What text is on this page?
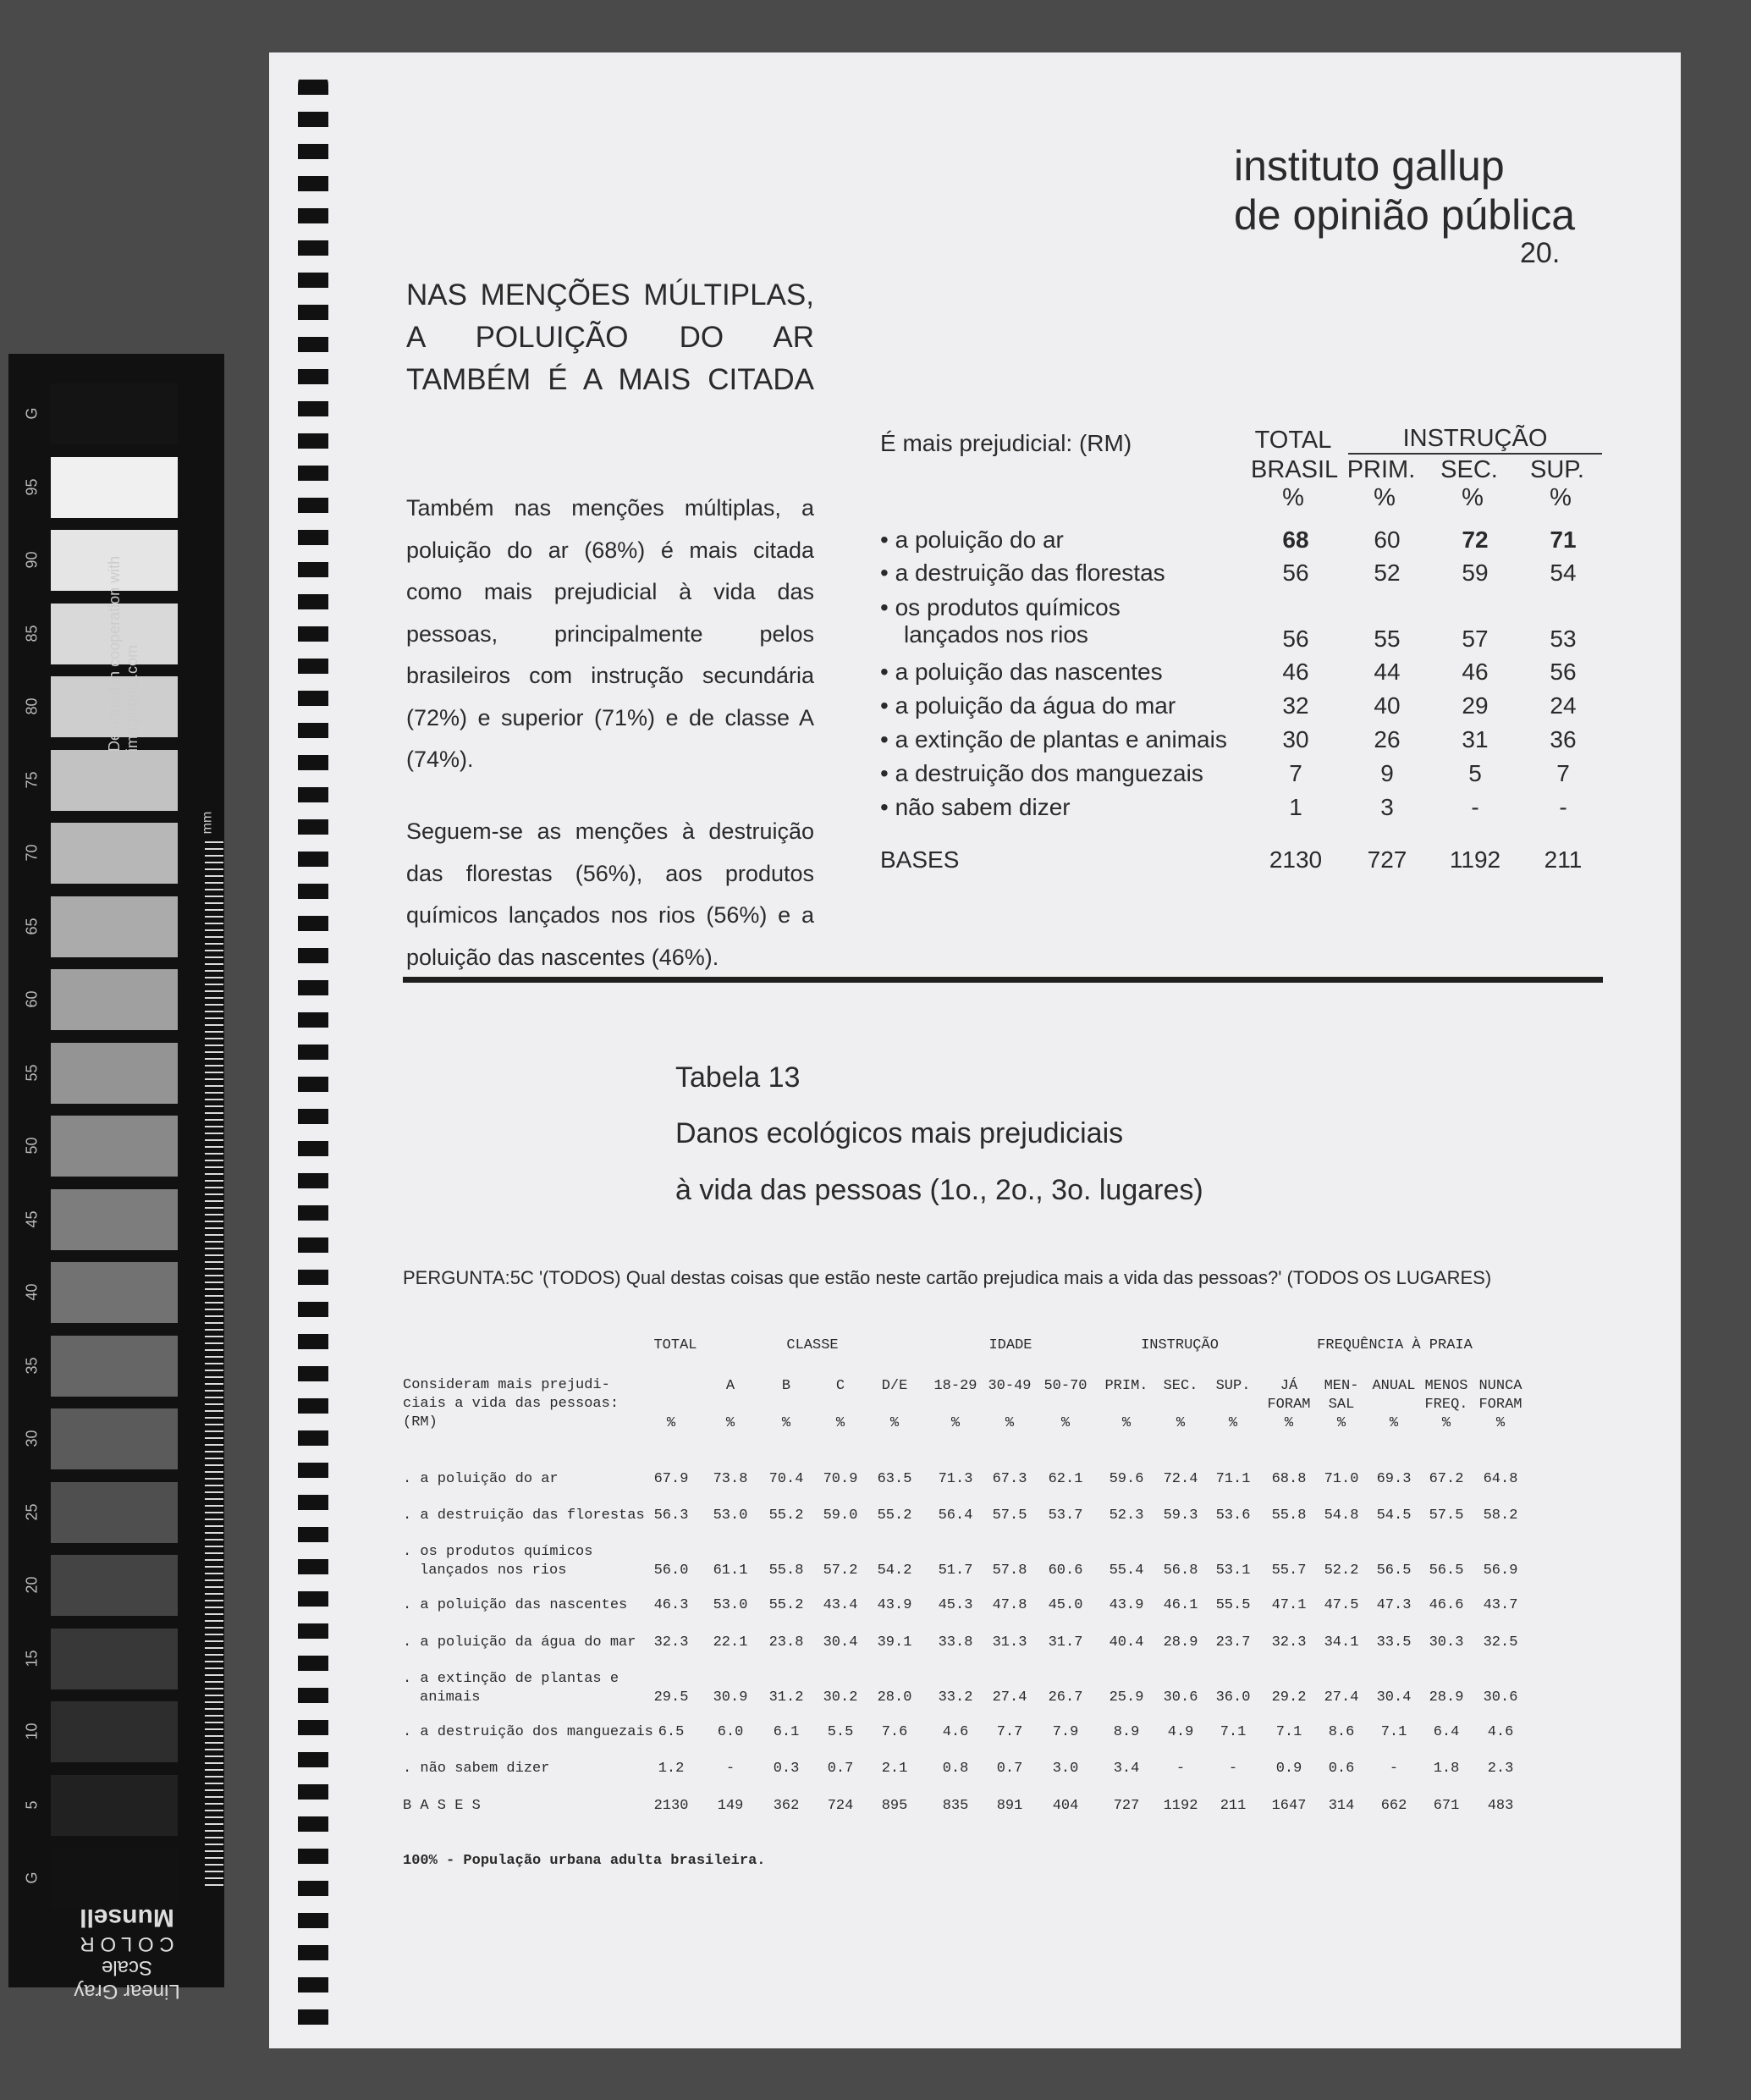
G
95
90
85
80
75
70
65
60
55
50
45
40
35
30
25
20
15
10
5
G
Designed in cooperation with imagingetc.com
mm
Linear Gray Scale
C O L O R
Munsell
instituto gallup
de opinião pública
20.
NAS MENÇÕES MÚLTIPLAS, A POLUIÇÃO DO AR TAMBÉM É A MAIS CITADA
Também nas menções múltiplas, a poluição do ar (68%) é mais citada como mais prejudicial à vida das pessoas, principalmente pelos brasileiros com instrução secundária (72%) e superior (71%) e de classe A (74%).
Seguem-se as menções à destruição das florestas (56%), aos produtos químicos lançados nos rios (56%) e a poluição das nascentes (46%).
É mais prejudicial: (RM)	TOTAL	INSTRUÇÃO
BRASIL PRIM.	SEC.	SUP.
%	%	%	%
• a poluição do ar	68	60	72	71
• a destruição das florestas	56	52	59	54
• os produtos químicos
lançados nos rios	56	55	57	53
• a poluição das nascentes	46	44	46	56
• a poluição da água do mar	32	40	29	24
• a extinção de plantas e animais	30	26	31	36
• a destruição dos manguezais	7	9	5	7
• não sabem dizer	1	3	-	-
BASES	2130	727	1192	211
Tabela 13
Danos ecológicos mais prejudiciais
à vida das pessoas (1o., 2o., 3o. lugares)
PERGUNTA:5C '(TODOS) Qual destas coisas que estão neste cartão prejudica mais a vida das pessoas?' (TODOS OS LUGARES)
TOTAL	CLASSE	IDADE	INSTRUÇÃO	FREQUÊNCIA À PRAIA
Consideram mais prejudi-
ciais a vida das pessoas:
(RM)
A	B	C	D/E	18-29 30-49 50-70	PRIM.	SEC.	SUP.	JÁ	MEN- ANUAL MENOS NUNCA
FORAM	SAL	FREQ. FORAM
%	%	%	%	%	%	%	%	%	%	%	%	%	%	%	%
. a poluição do ar	67.9	73.8	70.4	70.9	63.5	71.3	67.3	62.1	59.6	72.4	71.1	68.8	71.0	69.3	67.2	64.8
. a destruição das florestas 56.3	53.0	55.2	59.0	55.2	56.4	57.5	53.7	52.3	59.3	53.6	55.8	54.8	54.5	57.5	58.2
. os produtos químicos
lançados nos rios	56.0	61.1	55.8	57.2	54.2	51.7	57.8	60.6	55.4	56.8	53.1	55.7	52.2	56.5	56.5	56.9
. a poluição das nascentes	46.3	53.0	55.2	43.4	43.9	45.3	47.8	45.0	43.9	46.1	55.5	47.1	47.5	47.3	46.6	43.7
. a poluição da água do mar	32.3	22.1	23.8	30.4	39.1	33.8	31.3	31.7	40.4	28.9	23.7	32.3	34.1	33.5	30.3	32.5
. a extinção de plantas e
animais	29.5	30.9	31.2	30.2	28.0	33.2	27.4	26.7	25.9	30.6	36.0	29.2	27.4	30.4	28.9	30.6
. a destruição dos manguezais 6.5	6.0	6.1	5.5	7.6	4.6	7.7	7.9	8.9	4.9	7.1	7.1	8.6	7.1	6.4	4.6
. não sabem dizer	1.2	-	0.3	0.7	2.1	0.8	0.7	3.0	3.4	-	-	0.9	0.6	-	1.8	2.3
B A S E S	2130	149	362	724	895	835	891	404	727	1192	211	1647	314	662	671	483
100% - População urbana adulta brasileira.
